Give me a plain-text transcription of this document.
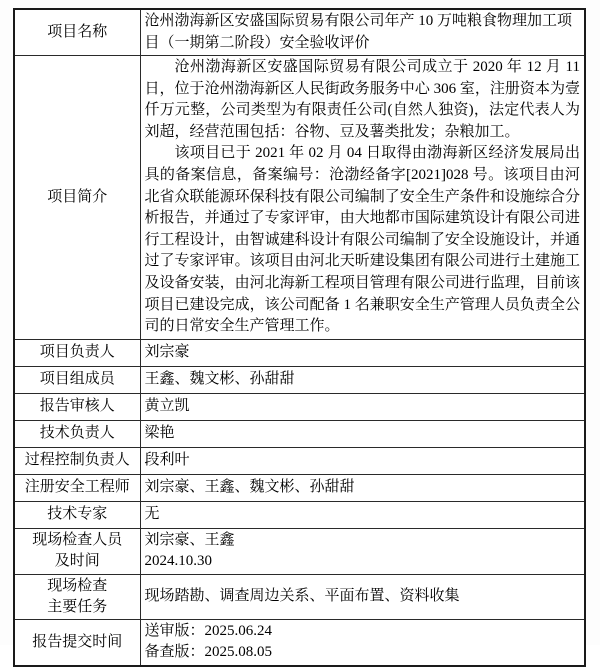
项目名称	沧州渤海新区安盛国际贸易有限公司年产 10 万吨粮食物理加工项目（一期第二阶段）安全验收评价
项目简介	沧州渤海新区安盛国际贸易有限公司成立于 2020 年 12 月 11 日，位于沧州渤海新区人民街政务服务中心 306 室，注册资本为壹仟万元整，公司类型为有限责任公司(自然人独资)，法定代表人为刘超，经营范围包括：谷物、豆及薯类批发；杂粮加工。

该项目已于 2021 年 02 月 04 日取得由渤海新区经济发展局出具的备案信息，备案编号：沧渤经备字[2021]028 号。该项目由河北省众联能源环保科技有限公司编制了安全生产条件和设施综合分析报告，并通过了专家评审，由大地都市国际建筑设计有限公司进行工程设计，由智诚建科设计有限公司编制了安全设施设计，并通过了专家评审。该项目由河北天昕建设集团有限公司进行土建施工及设备安装，由河北海新工程项目管理有限公司进行监理，目前该项目已建设完成，该公司配备 1 名兼职安全生产管理人员负责全公司的日常安全生产管理工作。

项目负责人	刘宗豪
项目组成员	王鑫、魏文彬、孙甜甜
报告审核人	黄立凯
技术负责人	梁艳
过程控制负责人	段利叶
注册安全工程师	刘宗豪、王鑫、魏文彬、孙甜甜
技术专家	无

现场检查人员
及时间	刘宗豪、王鑫
2024.10.30

现场检查
主要任务	现场踏勘、调查周边关系、平面布置、资料收集
报告提交时间	送审版：2025.06.24
备查版：2025.08.05
